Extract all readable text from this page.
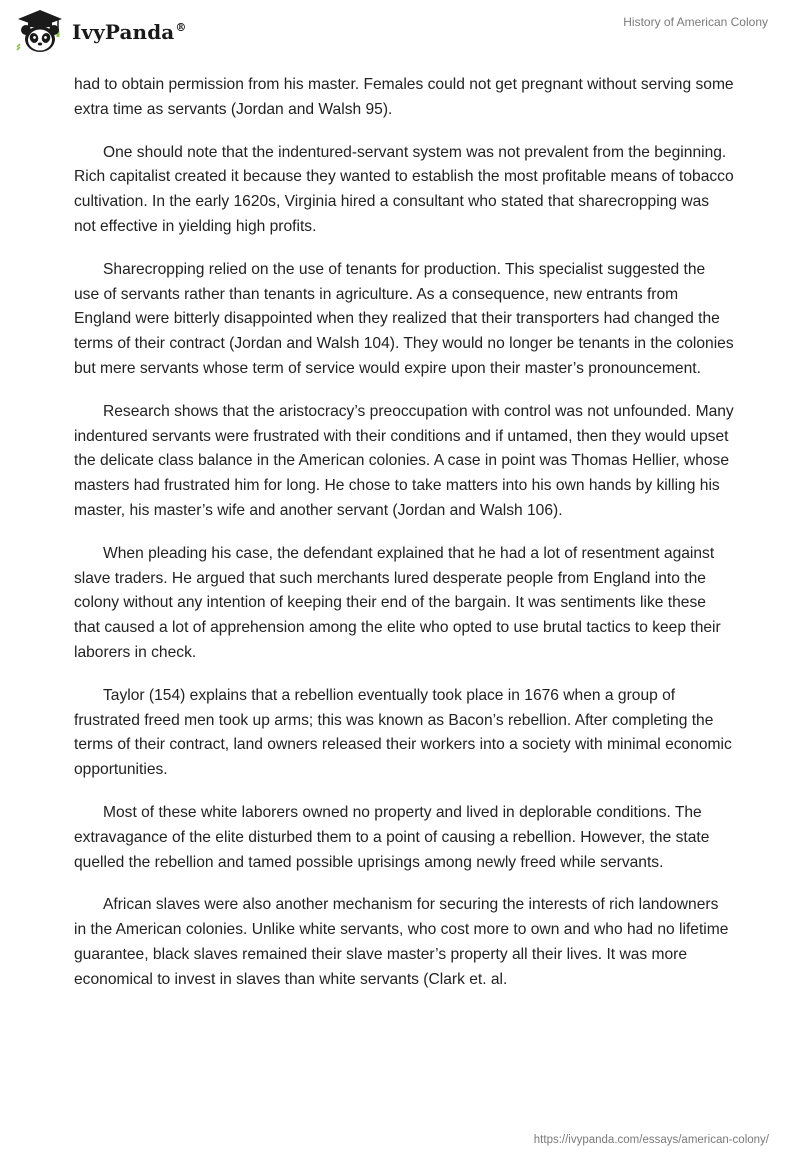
IvyPanda®	History of American Colony

had to obtain permission from his master. Females could not get pregnant without serving some extra time as servants (Jordan and Walsh 95).

One should note that the indentured-servant system was not prevalent from the beginning. Rich capitalist created it because they wanted to establish the most profitable means of tobacco cultivation. In the early 1620s, Virginia hired a consultant who stated that sharecropping was not effective in yielding high profits.

Sharecropping relied on the use of tenants for production. This specialist suggested the use of servants rather than tenants in agriculture. As a consequence, new entrants from England were bitterly disappointed when they realized that their transporters had changed the terms of their contract (Jordan and Walsh 104). They would no longer be tenants in the colonies but mere servants whose term of service would expire upon their master’s pronouncement.

Research shows that the aristocracy’s preoccupation with control was not unfounded. Many indentured servants were frustrated with their conditions and if untamed, then they would upset the delicate class balance in the American colonies. A case in point was Thomas Hellier, whose masters had frustrated him for long. He chose to take matters into his own hands by killing his master, his master’s wife and another servant (Jordan and Walsh 106).

When pleading his case, the defendant explained that he had a lot of resentment against slave traders. He argued that such merchants lured desperate people from England into the colony without any intention of keeping their end of the bargain. It was sentiments like these that caused a lot of apprehension among the elite who opted to use brutal tactics to keep their laborers in check.

Taylor (154) explains that a rebellion eventually took place in 1676 when a group of frustrated freed men took up arms; this was known as Bacon’s rebellion. After completing the terms of their contract, land owners released their workers into a society with minimal economic opportunities.

Most of these white laborers owned no property and lived in deplorable conditions. The extravagance of the elite disturbed them to a point of causing a rebellion. However, the state quelled the rebellion and tamed possible uprisings among newly freed while servants.

African slaves were also another mechanism for securing the interests of rich landowners in the American colonies. Unlike white servants, who cost more to own and who had no lifetime guarantee, black slaves remained their slave master’s property all their lives. It was more economical to invest in slaves than white servants (Clark et. al.

https://ivypanda.com/essays/american-colony/
